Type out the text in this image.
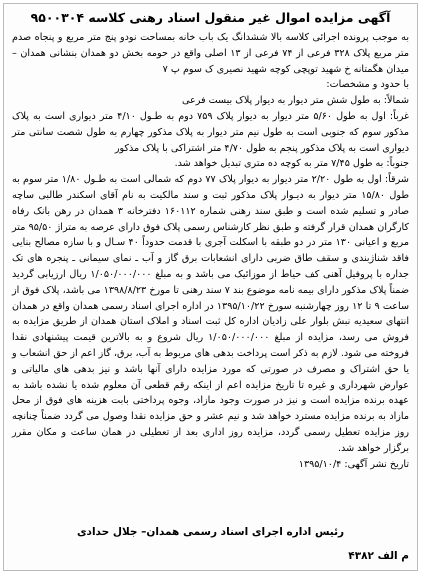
آگهی مزایده اموال غیر منقول اسناد رهنی کلاسه ۹۵۰۰۳۰۴

به موجب پرونده اجرائی کلاسه بالا ششدانگ یک باب خانه بمساحت نودو پنج متر مربع و پنجاه صدم متر مربع پلاک ۳۲۸ فرعی از ۷۴ فرعی از ۱۳ اصلی واقع در حومه بخش دو همدان بنشانی همدان – میدان هگمتانه خ شهید توپچی کوچه شهید نصیری ک سوم پ ۷

با حدود و مشخصات:

شمالاً: به طول شش متر دیوار به دیوار پلاک بیست فرعی

غرباً: اول به طول ۵/۶۰ متر دیوار به دیوار پلاک ۷۵۹ دوم به طـول ۴/۱۰ متر دیواری است به پلاک مذکور سوم که جنوبی است به طول نیم متر دیوار به پلاک مذکور چهارم به طول شصت سانتی متر دیواری است به پلاک مذکور پنجم به طول ۴/۷۰ متر اشتراکی با پلاک مذکور

جنوباً: به طول ۷/۴۵ متر به کوچه ده متری تبدیل خواهد شد.

شرقاً: اول به طول ۲/۲۰ متر دیوار به دیوار پلاک ۷۷ دوم که شمالی است به طـول ۱/۸۰ متر سوم به طول ۱۵/۸۰ متر دیوار به دیـوار پلاک مذکور ثبت و سند مالکیت به نام آقای اسکندر طالبی ساچه صادر و تسلیم شده است و طبق سند رهنی شماره ۱۶۰۱۱۲ دفترخانه ۳ همدان در رهن بانک رفاه کارگران همدان قرار گرفته و طبق نظر کارشناس رسمی پلاک فوق دارای عرصه به متراژ ۹۵/۵۰ متر مربع و اعیانی ۱۳۰ متر در دو طبقه با اسکلت آجری با قدمت حدوداً ۴۰ سـال و با سازه مصالح بنایی فاقد شناژبندی و سقف طاق ضربی دارای انشعابات برق گاز و آب ـ نمای سیمانی ـ پنجره های تک جداره با پروفیل آهنی کف حیاط از موزائیک می باشد و به مبلغ ۱/۰۵۰/۰۰۰/۰۰۰ ریال ارزیابی گردید ضمناً پلاک مذکور دارای بیمه نامه موضوع بند ۷ سند رهنی تا مورخ ۱۳۹۸/۸/۲۳ می باشد، پلاک فوق از ساعت ۹ تا ۱۲ روز چهارشنبه سورخ ۱۳۹۵/۱۰/۲۲ در اداره اجرای اسناد رسمی همدان واقع در همدان انتهای سعیدیه نبش بلوار علی زادیان اداره کل ثبت اسناد و املاک استان همدان از طریق مزایده به فروش می رسد، مزایده از مبلغ ۱/۰۵۰/۰۰۰/۰۰۰ ریال شروع و به بالاترین قیمت پیشنهادی نقدا فروخته می شود. لازم به ذکر است پرداخت بدهی های مربوط به آب، برق، گاز اعم از حق انشعاب و یا حق اشتراک و مصرف در صورتی که مورد مزایده دارای آنها باشد و نیز بدهی های مالیاتی و عوارض شهرداری و غیره تا تاریخ مزایده اعم از اینکه رقم قطعی آن معلوم شده یا نشده باشد به عهده برنده مزایده است و نیز در صورت وجود مازاد، وجوه پرداختی بابت هزینه های فوق از محل مازاد به برنده مزایده مسترد خواهد شد و نیم عشر و حق مزایده نقدا وصول می گردد ضمناً چنانچه روز مزایده تعطیل رسمی گردد، مزایده روز اداری بعد از تعطیلی در همان ساعت و مکان مقرر برگزار خواهد شد.

تاریخ نشر آگهی: ۱۳۹۵/۱۰/۴

رئیس اداره اجرای اسناد رسمی همدان– جلال حدادی
م الف ۴۳۸۲
